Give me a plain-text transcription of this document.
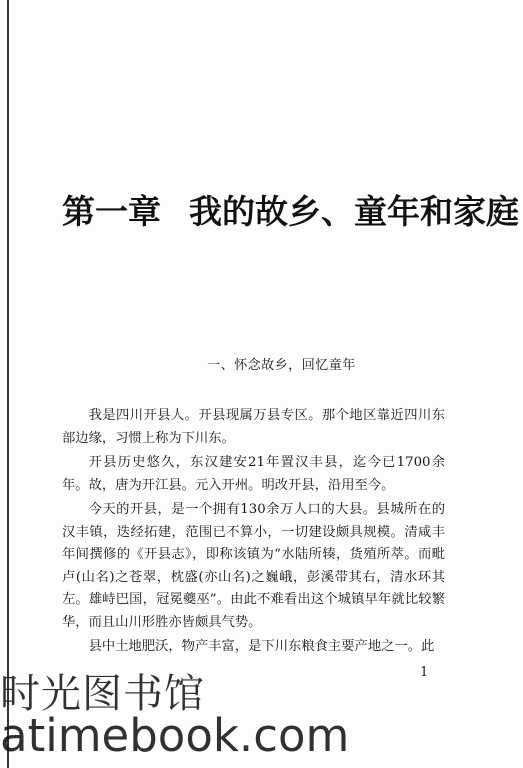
第一章 我的故乡、童年和家庭
一、怀念故乡，回忆童年

我是四川开县人。开县现属万县专区。那个地区靠近四川东部边缘，习惯上称为下川东。

开县历史悠久，东汉建安21年置汉丰县，迄今已1700余年。故，唐为开江县。元入开州。明改开县，沿用至今。

今天的开县，是一个拥有130余万人口的大县。县城所在的汉丰镇，迭经拓建，范围已不算小，一切建设颇具规模。清咸丰年间撰修的《开县志》，即称该镇为“水陆所辏，货殖所萃。而毗卢(山名)之苍翠，枕盛(亦山名)之巍峨，彭溪带其右，清水环其左。雄峙巴国，冠冕夔巫”。由此不难看出这个城镇早年就比较繁华，而且山川形胜亦皆颇具气势。

县中土地肥沃，物产丰富，是下川东粮食主要产地之一。此

1
时光图书馆
atimebook.com
